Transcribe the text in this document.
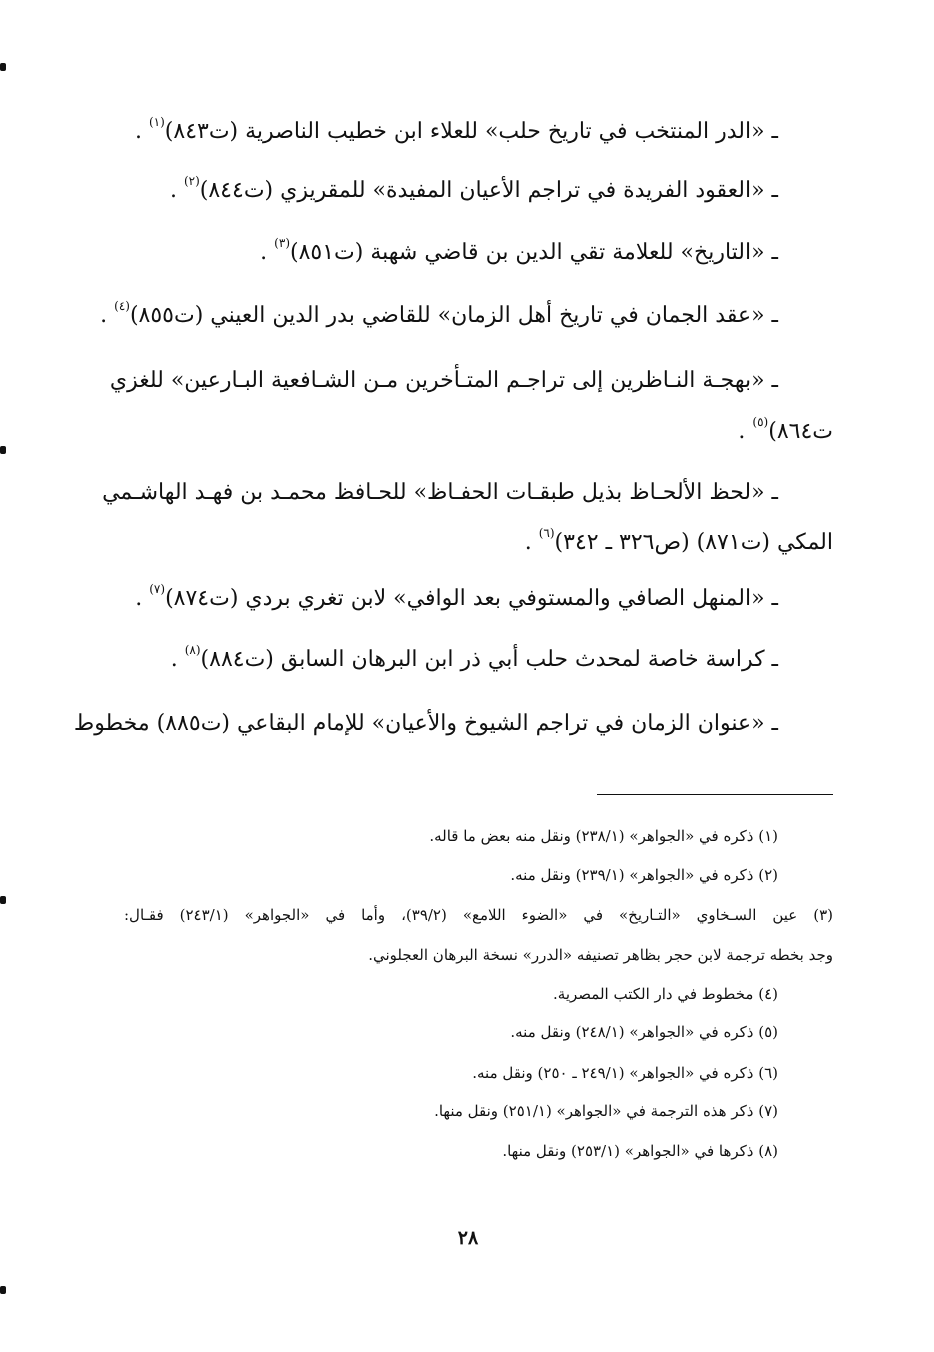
ـ «الدر المنتخب في تاريخ حلب» للعلاء ابن خطيب الناصرية (ت٨٤٣)$^{(١)}$ .
ـ «العقود الفريدة في تراجم الأعيان المفيدة» للمقريزي (ت٨٤٤)$^{(٢)}$ .
ـ «التاريخ» للعلامة تقي الدين بن قاضي شهبة (ت٨٥١)$^{(٣)}$ .
ـ «عقد الجمان في تاريخ أهل الزمان» للقاضي بدر الدين العيني (ت٨٥٥)$^{(٤)}$ .
ـ «بهجـة النـاظرين إلى تراجـم المتـأخرين مـن الشـافعية البـارعين» للغزي
ت٨٦٤)$^{(٥)}$ .
ـ «لحظ الألحـاظ بذيل طبقـات الحفـاظ» للحـافظ محمـد بن فهـد الهاشـمي
المكي (ت٨٧١) (ص٣٢٦ ـ ٣٤٢)$^{(٦)}$ .
ـ «المنهل الصافي والمستوفي بعد الوافي» لابن تغري بردي (ت٨٧٤)$^{(٧)}$ .
ـ كراسة خاصة لمحدث حلب أبي ذر ابن البرهان السابق (ت٨٨٤)$^{(٨)}$ .
ـ «عنوان الزمان في تراجم الشيوخ والأعيان» للإمام البقاعي (ت٨٨٥) مخطوط
(١) ذكره في «الجواهر» (٢٣٨/١) ونقل منه بعض ما قاله.
(٢) ذكره في «الجواهر» (٢٣٩/١) ونقل منه.
(٣) عين السـخاوي «التـاريخ» في «الضوء اللامع» (٣٩/٢)، وأما في «الجواهر» (٢٤٣/١) فقـال:
وجد بخطه ترجمة لابن حجر بظاهر تصنيفه «الدرر» نسخة البرهان العجلوني.
(٤) مخطوط في دار الكتب المصرية.
(٥) ذكره في «الجواهر» (٢٤٨/١) ونقل منه.
(٦) ذكره في «الجواهر» (٢٤٩/١ ـ ٢٥٠) ونقل منه.
(٧) ذكر هذه الترجمة في «الجواهر» (٢٥١/١) ونقل منها.
(٨) ذكرها في «الجواهر» (٢٥٣/١) ونقل منها.
٢٨
